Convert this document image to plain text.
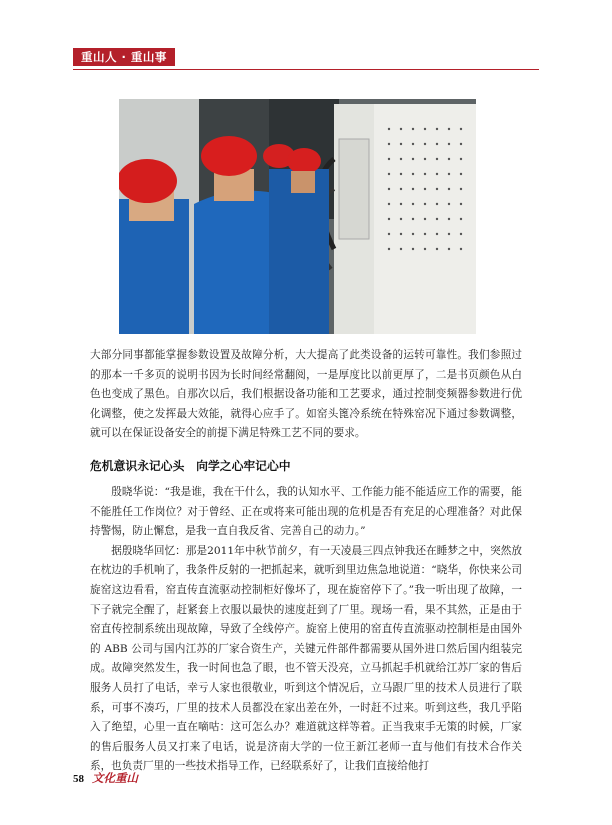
重山人 · 重山事

大部分同事都能掌握参数设置及故障分析，大大提高了此类设备的运转可靠性。我们参照过的那本一千多页的说明书因为长时间经常翻阅，一是厚度比以前更厚了，二是书页颜色从白色也变成了黑色。自那次以后，我们根据设备功能和工艺要求，通过控制变频器参数进行优化调整，使之发挥最大效能，就得心应手了。如窑头篦冷系统在特殊窑况下通过参数调整，就可以在保证设备安全的前提下满足特殊工艺不同的要求。

危机意识永记心头　向学之心牢记心中

殷晓华说：“我是谁，我在干什么，我的认知水平、工作能力能不能适应工作的需要，能不能胜任工作岗位？对于曾经、正在或将来可能出现的危机是否有充足的心理准备？对此保持警惕，防止懈怠，是我一直自我反省、完善自己的动力。”

据殷晓华回忆：那是2011年中秋节前夕，有一天凌晨三四点钟我还在睡梦之中，突然放在枕边的手机响了，我条件反射的一把抓起来，就听到里边焦急地说道：“晓华，你快来公司旋窑这边看看，窑直传直流驱动控制柜好像坏了，现在旋窑停下了。”我一听出现了故障，一下子就完全醒了，赶紧套上衣服以最快的速度赶到了厂里。现场一看，果不其然，正是由于窑直传控制系统出现故障，导致了全线停产。旋窑上使用的窑直传直流驱动控制柜是由国外的 ABB 公司与国内江苏的厂家合资生产，关键元件部件都需要从国外进口然后国内组装完成。故障突然发生，我一时间也急了眼，也不管天没亮，立马抓起手机就给江苏厂家的售后服务人员打了电话，幸亏人家也很敬业，听到这个情况后，立马跟厂里的技术人员进行了联系，可事不凑巧，厂里的技术人员都没在家出差在外，一时赶不过来。听到这些，我几乎陷入了绝望，心里一直在嘀咕：这可怎么办？难道就这样等着。正当我束手无策的时候，厂家的售后服务人员又打来了电话，说是济南大学的一位王新江老师一直与他们有技术合作关系，也负责厂里的一些技术指导工作，已经联系好了，让我们直接给他打

58 文化重山
